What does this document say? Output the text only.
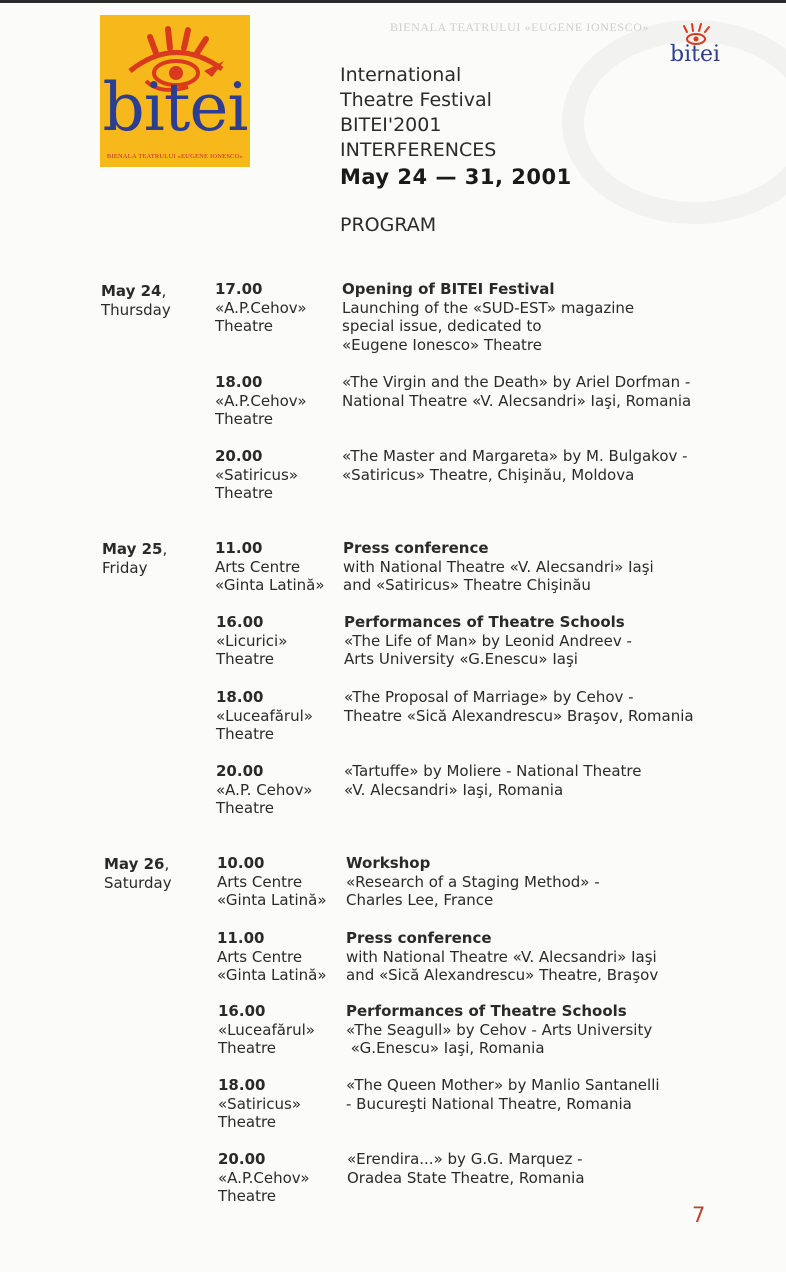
bitei
BIENALA TEATRULUI «EUGENE IONESCO»
BIENALA TEATRULUI «EUGENE IONESCO»
bitei
International
Theatre Festival
BITEI'2001
INTERFERENCES
May 24 — 31, 2001
PROGRAM
May 24,
Thursday
17.00
«A.P.Cehov»
Theatre
Opening of BITEI Festival
Launching of the «SUD-EST» magazine
special issue, dedicated to
«Eugene Ionesco» Theatre
18.00
«A.P.Cehov»
Theatre
«The Virgin and the Death» by Ariel Dorfman -
National Theatre «V. Alecsandri» Iaşi, Romania
20.00
«Satiricus»
Theatre
«The Master and Margareta» by M. Bulgakov -
«Satiricus» Theatre, Chişinău, Moldova
May 25,
Friday
11.00
Arts Centre
«Ginta Latină»
Press conference
with National Theatre «V. Alecsandri» Iaşi
and «Satiricus» Theatre Chişinău
16.00
«Licurici»
Theatre
Performances of Theatre Schools
«The Life of Man» by Leonid Andreev -
Arts University «G.Enescu» Iaşi
18.00
«Luceafărul»
Theatre
«The Proposal of Marriage» by Cehov -
Theatre «Sică Alexandrescu» Braşov, Romania
20.00
«A.P. Cehov»
Theatre
«Tartuffe» by Moliere - National Theatre
«V. Alecsandri» Iaşi, Romania
May 26,
Saturday
10.00
Arts Centre
«Ginta Latină»
Workshop
«Research of a Staging Method» -
Charles Lee, France
11.00
Arts Centre
«Ginta Latină»
Press conference
with National Theatre «V. Alecsandri» Iaşi
and «Sică Alexandrescu» Theatre, Braşov
16.00
«Luceafărul»
Theatre
Performances of Theatre Schools
«The Seagull» by Cehov - Arts University
«G.Enescu» Iaşi, Romania
18.00
«Satiricus»
Theatre
«The Queen Mother» by Manlio Santanelli
- Bucureşti National Theatre, Romania
20.00
«A.P.Cehov»
Theatre
«Erendira...» by G.G. Marquez -
Oradea State Theatre, Romania
7
